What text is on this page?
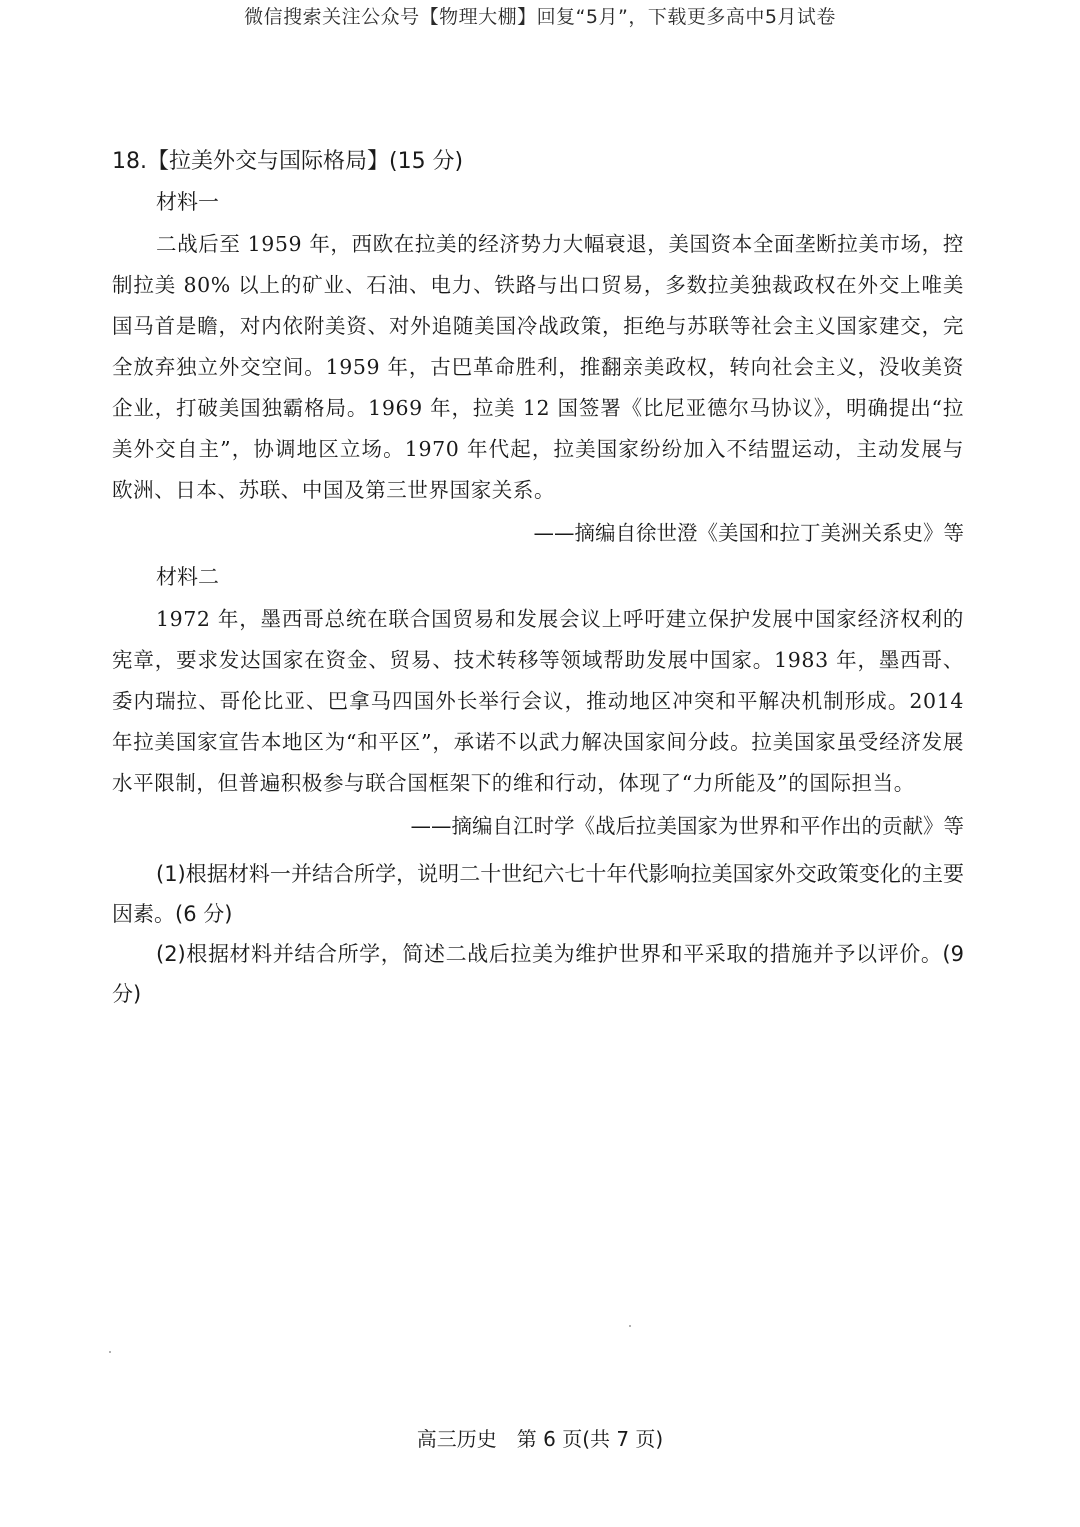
微信搜索关注公众号【物理大棚】回复“5月”，下载更多高中5月试卷
18.【拉美外交与国际格局】(15 分)
材料一

二战后至 1959 年，西欧在拉美的经济势力大幅衰退，美国资本全面垄断拉美市场，控制拉美 80% 以上的矿业、石油、电力、铁路与出口贸易，多数拉美独裁政权在外交上唯美国马首是瞻，对内依附美资、对外追随美国冷战政策，拒绝与苏联等社会主义国家建交，完全放弃独立外交空间。1959 年，古巴革命胜利，推翻亲美政权，转向社会主义，没收美资企业，打破美国独霸格局。1969 年，拉美 12 国签署《比尼亚德尔马协议》，明确提出“拉美外交自主”，协调地区立场。1970 年代起，拉美国家纷纷加入不结盟运动，主动发展与欧洲、日本、苏联、中国及第三世界国家关系。

——摘编自徐世澄《美国和拉丁美洲关系史》等
材料二

1972 年，墨西哥总统在联合国贸易和发展会议上呼吁建立保护发展中国家经济权利的宪章，要求发达国家在资金、贸易、技术转移等领域帮助发展中国家。1983 年，墨西哥、委内瑞拉、哥伦比亚、巴拿马四国外长举行会议，推动地区冲突和平解决机制形成。2014 年拉美国家宣告本地区为“和平区”，承诺不以武力解决国家间分歧。拉美国家虽受经济发展水平限制，但普遍积极参与联合国框架下的维和行动，体现了“力所能及”的国际担当。

——摘编自江时学《战后拉美国家为世界和平作出的贡献》等

(1)根据材料一并结合所学，说明二十世纪六七十年代影响拉美国家外交政策变化的主要因素。(6 分)

(2)根据材料并结合所学，简述二战后拉美为维护世界和平采取的措施并予以评价。(9 分)

高三历史　第 6 页(共 7 页)
